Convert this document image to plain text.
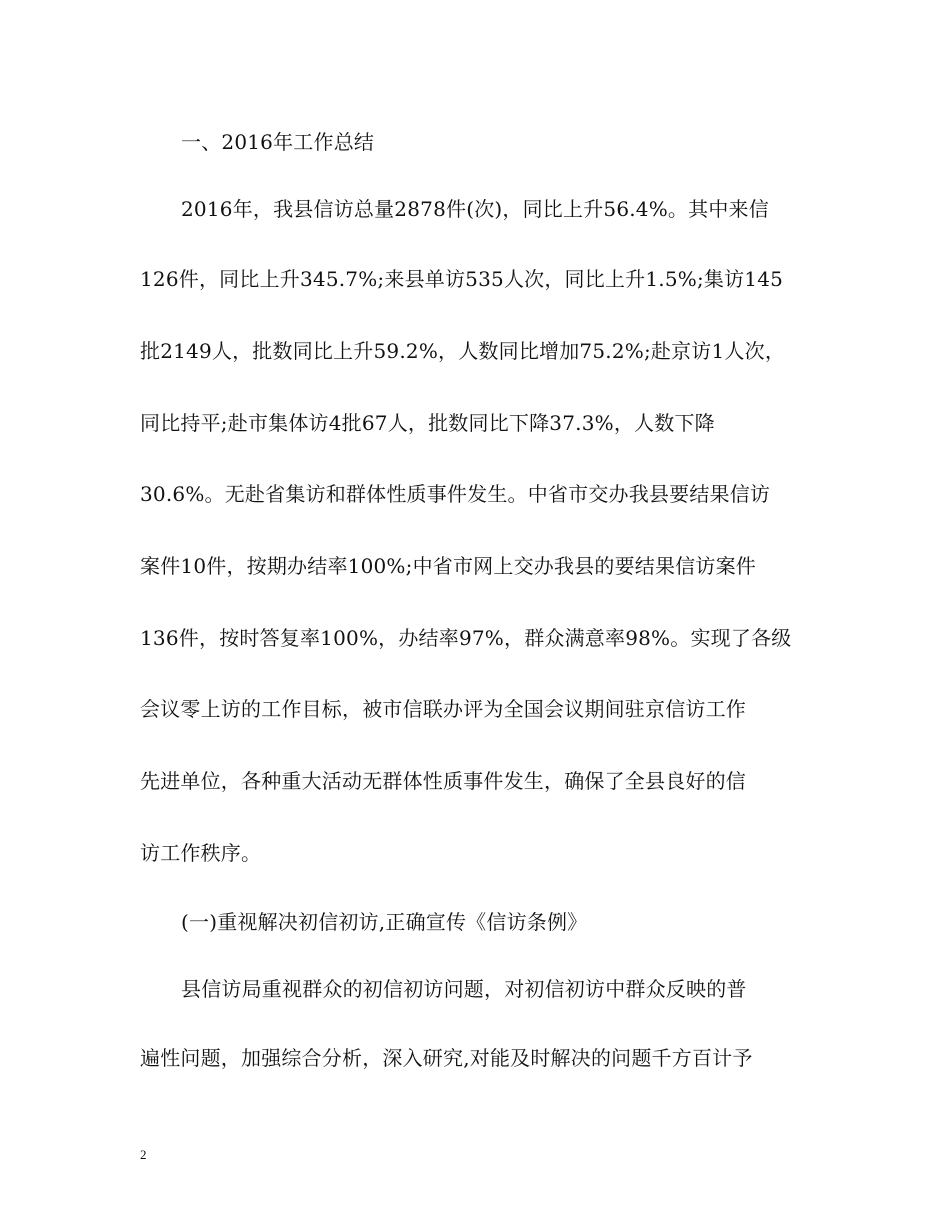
一、2016年工作总结
2016年，我县信访总量2878件(次)，同比上升56.4%。其中来信
126件，同比上升345.7%;来县单访535人次，同比上升1.5%;集访145
批2149人，批数同比上升59.2%，人数同比增加75.2%;赴京访1人次，
同比持平;赴市集体访4批67人，批数同比下降37.3%，人数下降
30.6%。无赴省集访和群体性质事件发生。中省市交办我县要结果信访
案件10件，按期办结率100%;中省市网上交办我县的要结果信访案件
136件，按时答复率100%，办结率97%，群众满意率98%。实现了各级
会议零上访的工作目标，被市信联办评为全国会议期间驻京信访工作
先进单位，各种重大活动无群体性质事件发生，确保了全县良好的信
访工作秩序。
(一)重视解决初信初访,正确宣传《信访条例》
县信访局重视群众的初信初访问题，对初信初访中群众反映的普
遍性问题，加强综合分析，深入研究,对能及时解决的问题千方百计予
2
